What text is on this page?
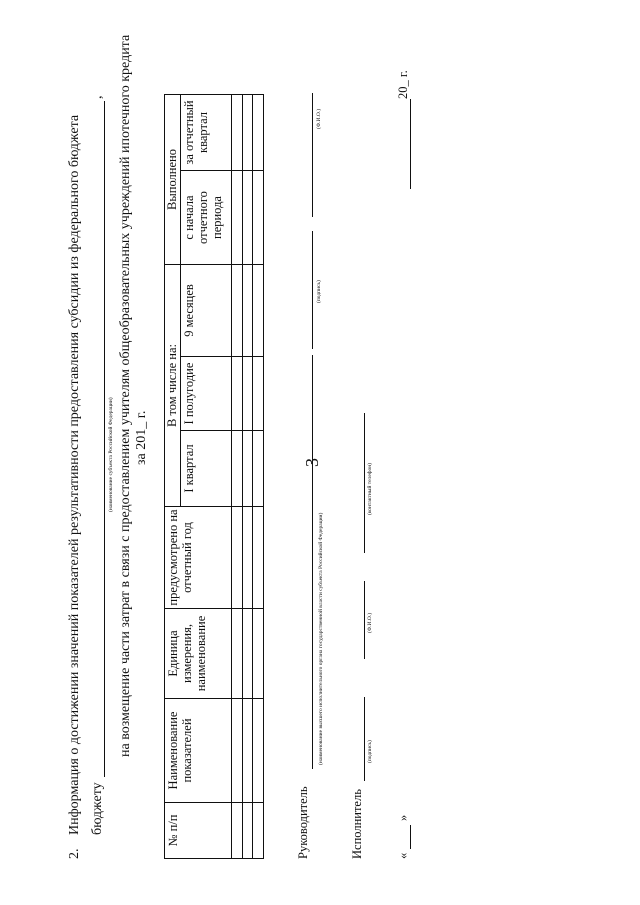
3
2.
Информация о достижении значений показателей результативности предоставления субсидии из федерального бюджета бюджету
,
(наименование субъекта Российской Федерации) на возмещение части затрат в связи с предоставлением учителям общеобразовательных учреждений ипотечного кредита за 201_ г.
№ п/п	Наименование показателей	Единица измерения, наименование	предусмотрено на отчетный год	В том числе на:			Выполнено	
				I квартал	I полугодие	9 месяцев	с начала отчетного периода	за отчетный квартал

Руководитель
(наименование высшего исполнительного органа государственной власти субъекта Российской Федерации)
(подпись)
(Ф.И.О.)
Исполнитель
(подпись)
(Ф.И.О.)
(контактный телефон)
«
»
20_ г.
